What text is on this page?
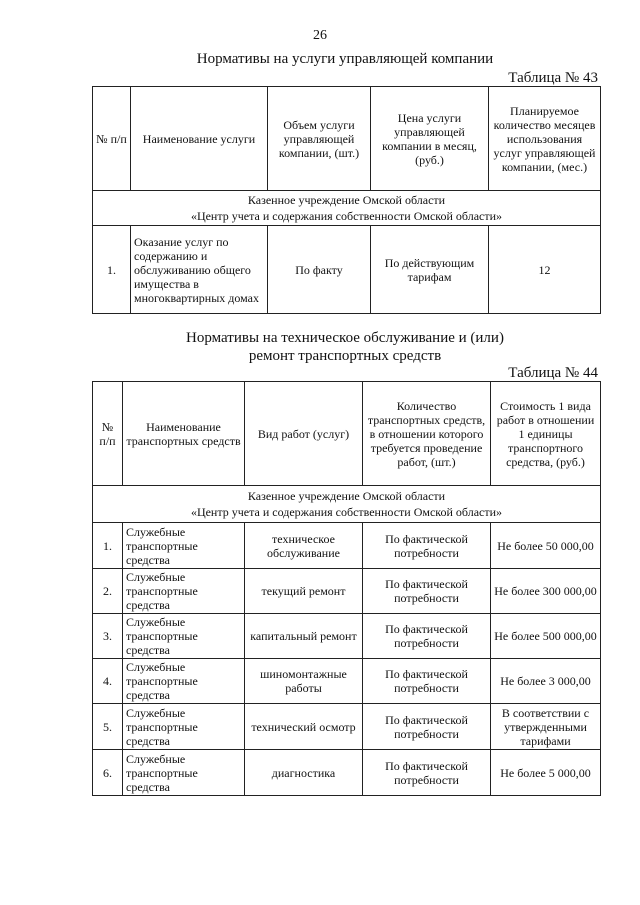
26
Нормативы на услуги управляющей компании
Таблица № 43
№ п/п	Наименование услуги	Объем услуги управляющей компании, (шт.)	Цена услуги управляющей компании в месяц, (руб.)	Планируемое количество месяцев использования услуг управляющей компании, (мес.)

Казенное учреждение Омской области
«Центр учета и содержания собственности Омской области»				

1.	Оказание услуг по содержанию и обслуживанию общего имущества в многоквартирных домах	По факту	По действующим тарифам	12
Нормативы на техническое обслуживание и (или)
ремонт транспортных средств
Таблица № 44
№ п/п	Наименование транспортных средств	Вид работ (услуг)	Количество транспортных средств, в отношении которого требуется проведение работ, (шт.)	Стоимость 1 вида работ в отношении 1 единицы транспортного средства, (руб.)

Казенное учреждение Омской области
«Центр учета и содержания собственности Омской области»				

1.	Служебные транспортные средства	техническое обслуживание	По фактической потребности	Не более 50 000,00
2.	Служебные транспортные средства	текущий ремонт	По фактической потребности	Не более 300 000,00
3.	Служебные транспортные средства	капитальный ремонт	По фактической потребности	Не более 500 000,00
4.	Служебные транспортные средства	шиномонтажные работы	По фактической потребности	Не более 3 000,00
5.	Служебные транспортные средства	технический осмотр	По фактической потребности	В соответствии с утвержденными тарифами
6.	Служебные транспортные средства	диагностика	По фактической потребности	Не более 5 000,00
